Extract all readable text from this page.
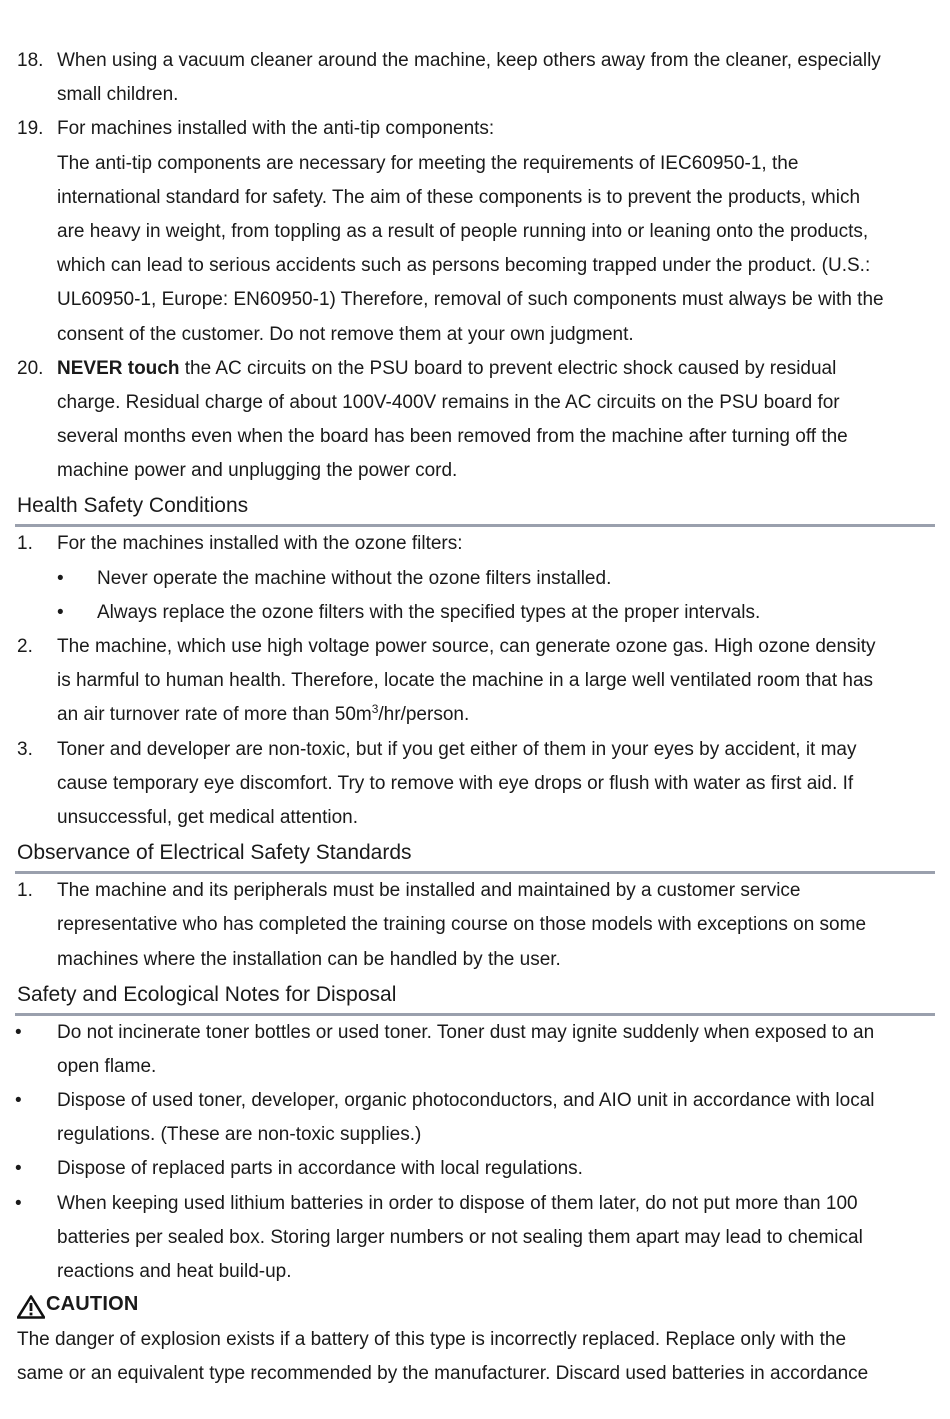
18. When using a vacuum cleaner around the machine, keep others away from the cleaner, especially
small children.
19. For machines installed with the anti-tip components:
The anti-tip components are necessary for meeting the requirements of IEC60950-1, the
international standard for safety. The aim of these components is to prevent the products, which
are heavy in weight, from toppling as a result of people running into or leaning onto the products,
which can lead to serious accidents such as persons becoming trapped under the product. (U.S.:
UL60950-1, Europe: EN60950-1) Therefore, removal of such components must always be with the
consent of the customer. Do not remove them at your own judgment.
20. NEVER touch the AC circuits on the PSU board to prevent electric shock caused by residual
charge. Residual charge of about 100V-400V remains in the AC circuits on the PSU board for
several months even when the board has been removed from the machine after turning off the
machine power and unplugging the power cord.
Health Safety Conditions
1. For the machines installed with the ozone filters:
• Never operate the machine without the ozone filters installed.
• Always replace the ozone filters with the specified types at the proper intervals.
2. The machine, which use high voltage power source, can generate ozone gas. High ozone density
is harmful to human health. Therefore, locate the machine in a large well ventilated room that has
an air turnover rate of more than $50m^3/hr$/person.
3. Toner and developer are non-toxic, but if you get either of them in your eyes by accident, it may
cause temporary eye discomfort. Try to remove with eye drops or flush with water as first aid. If
unsuccessful, get medical attention.
Observance of Electrical Safety Standards
1. The machine and its peripherals must be installed and maintained by a customer service
representative who has completed the training course on those models with exceptions on some
machines where the installation can be handled by the user.
Safety and Ecological Notes for Disposal
• Do not incinerate toner bottles or used toner. Toner dust may ignite suddenly when exposed to an
open flame.
• Dispose of used toner, developer, organic photoconductors, and AIO unit in accordance with local
regulations. (These are non-toxic supplies.)
• Dispose of replaced parts in accordance with local regulations.
• When keeping used lithium batteries in order to dispose of them later, do not put more than 100
batteries per sealed box. Storing larger numbers or not sealing them apart may lead to chemical
reactions and heat build-up.
CAUTION
The danger of explosion exists if a battery of this type is incorrectly replaced. Replace only with the
same or an equivalent type recommended by the manufacturer. Discard used batteries in accordance
